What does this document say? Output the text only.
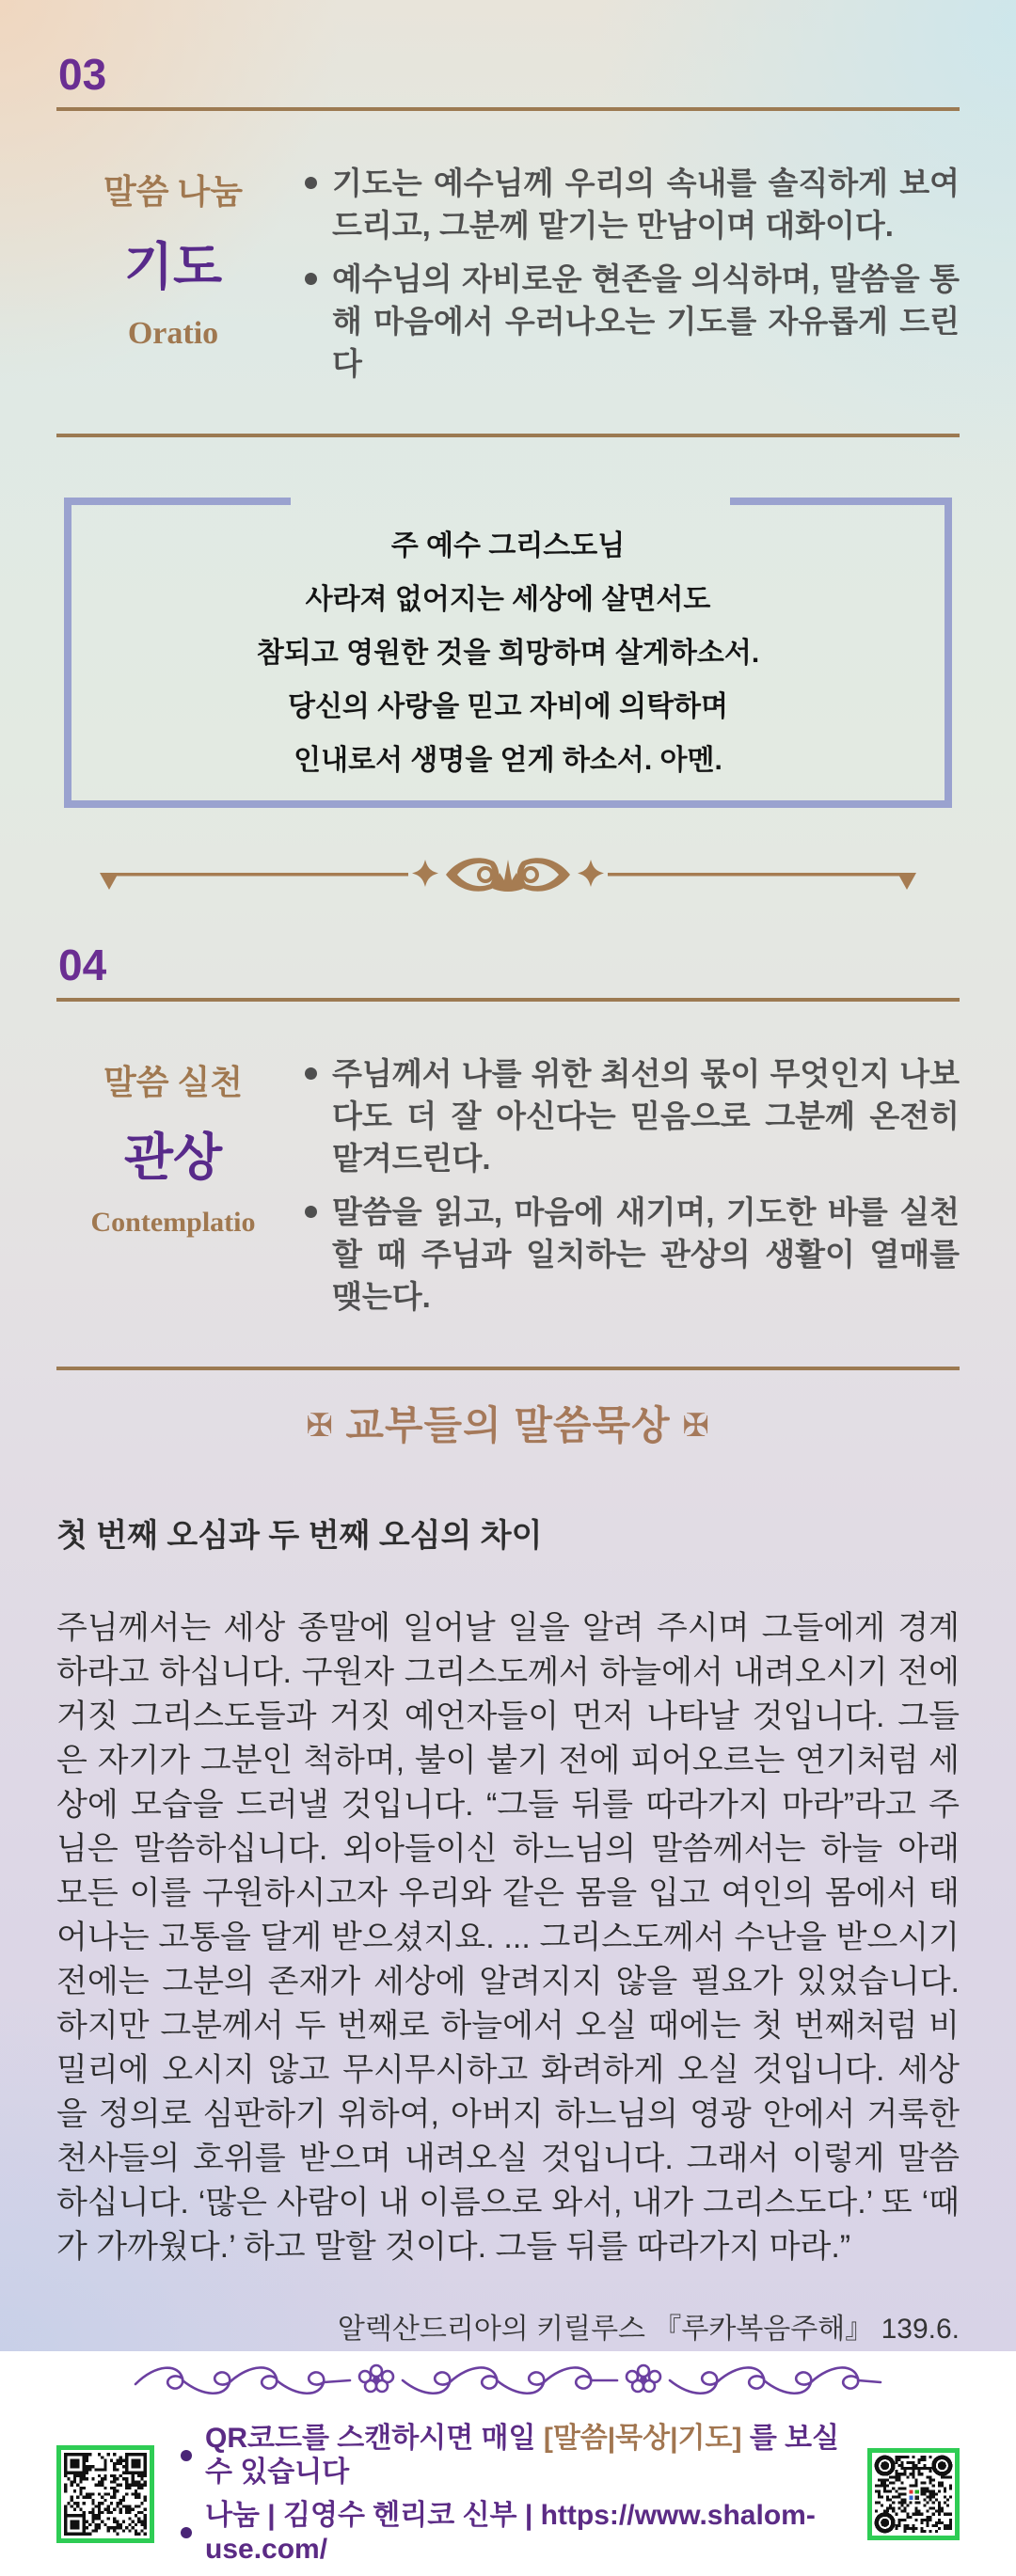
03
말씀 나눔
기도
Oratio
기도는 예수님께 우리의 속내를 솔직하게 보여드리고, 그분께 맡기는 만남이며 대화이다.
예수님의 자비로운 현존을 의식하며, 말씀을 통해 마음에서 우러나오는 기도를 자유롭게 드린다

주 예수 그리스도님

사라져 없어지는 세상에 살면서도

참되고 영원한 것을 희망하며 살게하소서.

당신의 사랑을 믿고 자비에 의탁하며

인내로서 생명을 얻게 하소서. 아멘.

04
말씀 실천
관상
Contemplatio
주님께서 나를 위한 최선의 몫이 무엇인지 나보다도 더 잘 아신다는 믿음으로 그분께 온전히 맡겨드린다.
말씀을 읽고, 마음에 새기며, 기도한 바를 실천할 때 주님과 일치하는 관상의 생활이 열매를 맺는다.
✠ 교부들의 말씀묵상 ✠
첫 번째 오심과 두 번째 오심의 차이

주님께서는 세상 종말에 일어날 일을 알려 주시며 그들에게 경계하라고 하십니다. 구원자 그리스도께서 하늘에서 내려오시기 전에 거짓 그리스도들과 거짓 예언자들이 먼저 나타날 것입니다. 그들은 자기가 그분인 척하며, 불이 붙기 전에 피어오르는 연기처럼 세상에 모습을 드러낼 것입니다. “그들 뒤를 따라가지 마라”라고 주님은 말씀하십니다. 외아들이신 하느님의 말씀께서는 하늘 아래 모든 이를 구원하시고자 우리와 같은 몸을 입고 여인의 몸에서 태어나는 고통을 달게 받으셨지요. ... 그리스도께서 수난을 받으시기 전에는 그분의 존재가 세상에 알려지지 않을 필요가 있었습니다. 하지만 그분께서 두 번째로 하늘에서 오실 때에는 첫 번째처럼 비밀리에 오시지 않고 무시무시하고 화려하게 오실 것입니다. 세상을 정의로 심판하기 위하여, 아버지 하느님의 영광 안에서 거룩한 천사들의 호위를 받으며 내려오실 것입니다. 그래서 이렇게 말씀하십니다. ‘많은 사람이 내 이름으로 와서, 내가 그리스도다.’ 또 ‘때가 가까웠다.’ 하고 말할 것이다. 그들 뒤를 따라가지 마라.”

알렉산드리아의 키릴루스 『루카복음주해』 139.6.

QR코드를 스캔하시면 매일 [말씀|묵상|기도] 를 보실수 있습니다
나눔 | 김영수 헨리코 신부 | https://www.shalom-use.com/
